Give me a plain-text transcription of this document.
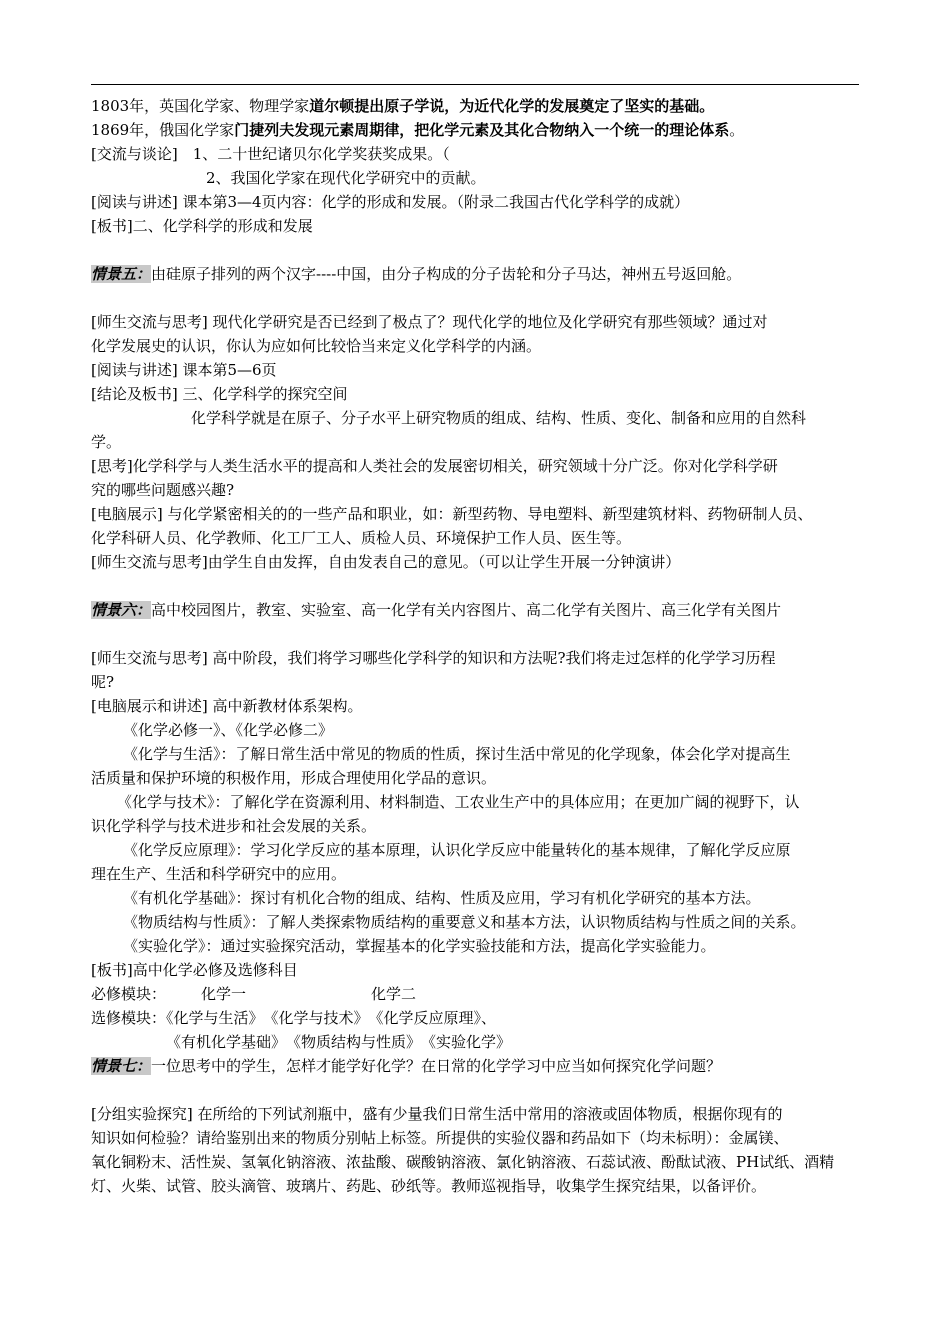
1803年，英国化学家、物理学家道尔顿提出原子学说，为近代化学的发展奠定了坚实的基础。
1869年，俄国化学家门捷列夫发现元素周期律，把化学元素及其化合物纳入一个统一的理论体系。
[交流与谈论]　1、二十世纪诸贝尔化学奖获奖成果。（
2、我国化学家在现代化学研究中的贡献。
[阅读与讲述] 课本第3—4页内容：化学的形成和发展。（附录二我国古代化学科学的成就）
[板书]二、化学科学的形成和发展
情景五：由硅原子排列的两个汉字----中国，由分子构成的分子齿轮和分子马达，神州五号返回舱。
[师生交流与思考] 现代化学研究是否已经到了极点了？现代化学的地位及化学研究有那些领域？通过对
化学发展史的认识，你认为应如何比较恰当来定义化学科学的内涵。
[阅读与讲述] 课本第5—6页
[结论及板书] 三、化学科学的探究空间
化学科学就是在原子、分子水平上研究物质的组成、结构、性质、变化、制备和应用的自然科
学。
[思考]化学科学与人类生活水平的提高和人类社会的发展密切相关，研究领域十分广泛。你对化学科学研
究的哪些问题感兴趣?
[电脑展示] 与化学紧密相关的的一些产品和职业，如：新型药物、导电塑料、新型建筑材料、药物研制人员、
化学科研人员、化学教师、化工厂工人、质检人员、环境保护工作人员、医生等。
[师生交流与思考]由学生自由发挥，自由发表自己的意见。（可以让学生开展一分钟演讲）
情景六：高中校园图片，教室、实验室、高一化学有关内容图片、高二化学有关图片、高三化学有关图片
[师生交流与思考] 高中阶段，我们将学习哪些化学科学的知识和方法呢?我们将走过怎样的化学学习历程
呢?
[电脑展示和讲述] 高中新教材体系架构。
《化学必修一》、《化学必修二》
《化学与生活》：了解日常生活中常见的物质的性质，探讨生活中常见的化学现象，体会化学对提高生
活质量和保护环境的积极作用，形成合理使用化学品的意识。
《化学与技术》：了解化学在资源利用、材料制造、工农业生产中的具体应用；在更加广阔的视野下，认
识化学科学与技术进步和社会发展的关系。
《化学反应原理》：学习化学反应的基本原理，认识化学反应中能量转化的基本规律，了解化学反应原
理在生产、生活和科学研究中的应用。
《有机化学基础》：探讨有机化合物的组成、结构、性质及应用，学习有机化学研究的基本方法。
《物质结构与性质》：了解人类探索物质结构的重要意义和基本方法，认识物质结构与性质之间的关系。
《实验化学》：通过实验探究活动，掌握基本的化学实验技能和方法，提高化学实验能力。
[板书]高中化学必修及选修科目
必修模块： 化学一	化学二
选修模块：《化学与生活》　《化学与技术》　《化学反应原理》、
《有机化学基础》　《物质结构与性质》　《实验化学》
情景七：一位思考中的学生，怎样才能学好化学？在日常的化学学习中应当如何探究化学问题？
[分组实验探究] 在所给的下列试剂瓶中，盛有少量我们日常生活中常用的溶液或固体物质，根据你现有的
知识如何检验？请给鉴别出来的物质分别帖上标签。所提供的实验仪器和药品如下（均未标明）：金属镁、
氧化铜粉末、活性炭、氢氧化钠溶液、浓盐酸、碳酸钠溶液、氯化钠溶液、石蕊试液、酚酞试液、PH试纸、酒精
灯、火柴、试管、胶头滴管、玻璃片、药匙、砂纸等。教师巡视指导，收集学生探究结果，以备评价。
